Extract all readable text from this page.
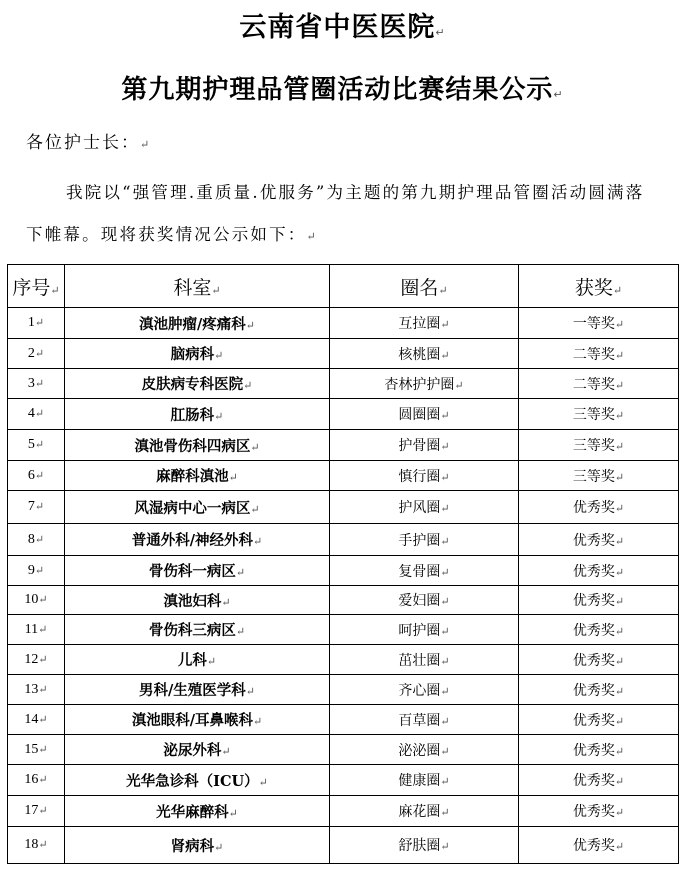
云南省中医医院↵
第九期护理品管圈活动比赛结果公示↵
各位护士长：↵
我院以“强管理.重质量.优服务”为主题的第九期护理品管圈活动圆满落下帷幕。现将获奖情况公示如下：↵
序号↵	科室↵	圈名↵	获奖↵
1↵	滇池肿瘤/疼痛科↵	互拉圈↵	一等奖↵
2↵	脑病科↵	核桃圈↵	二等奖↵
3↵	皮肤病专科医院↵	杏林护护圈↵	二等奖↵
4↵	肛肠科↵	圆圈圈↵	三等奖↵
5↵	滇池骨伤科四病区↵	护骨圈↵	三等奖↵
6↵	麻醉科滇池↵	慎行圈↵	三等奖↵
7↵	风湿病中心一病区↵	护风圈↵	优秀奖↵
8↵	普通外科/神经外科↵	手护圈↵	优秀奖↵
9↵	骨伤科一病区↵	复骨圈↵	优秀奖↵
10↵	滇池妇科↵	爱妇圈↵	优秀奖↵
11↵	骨伤科三病区↵	呵护圈↵	优秀奖↵
12↵	儿科↵	茁壮圈↵	优秀奖↵
13↵	男科/生殖医学科↵	齐心圈↵	优秀奖↵
14↵	滇池眼科/耳鼻喉科↵	百草圈↵	优秀奖↵
15↵	泌尿外科↵	泌泌圈↵	优秀奖↵
16↵	光华急诊科（ICU）↵	健康圈↵	优秀奖↵
17↵	光华麻醉科↵	麻花圈↵	优秀奖↵
18↵	肾病科↵	舒肤圈↵	优秀奖↵
